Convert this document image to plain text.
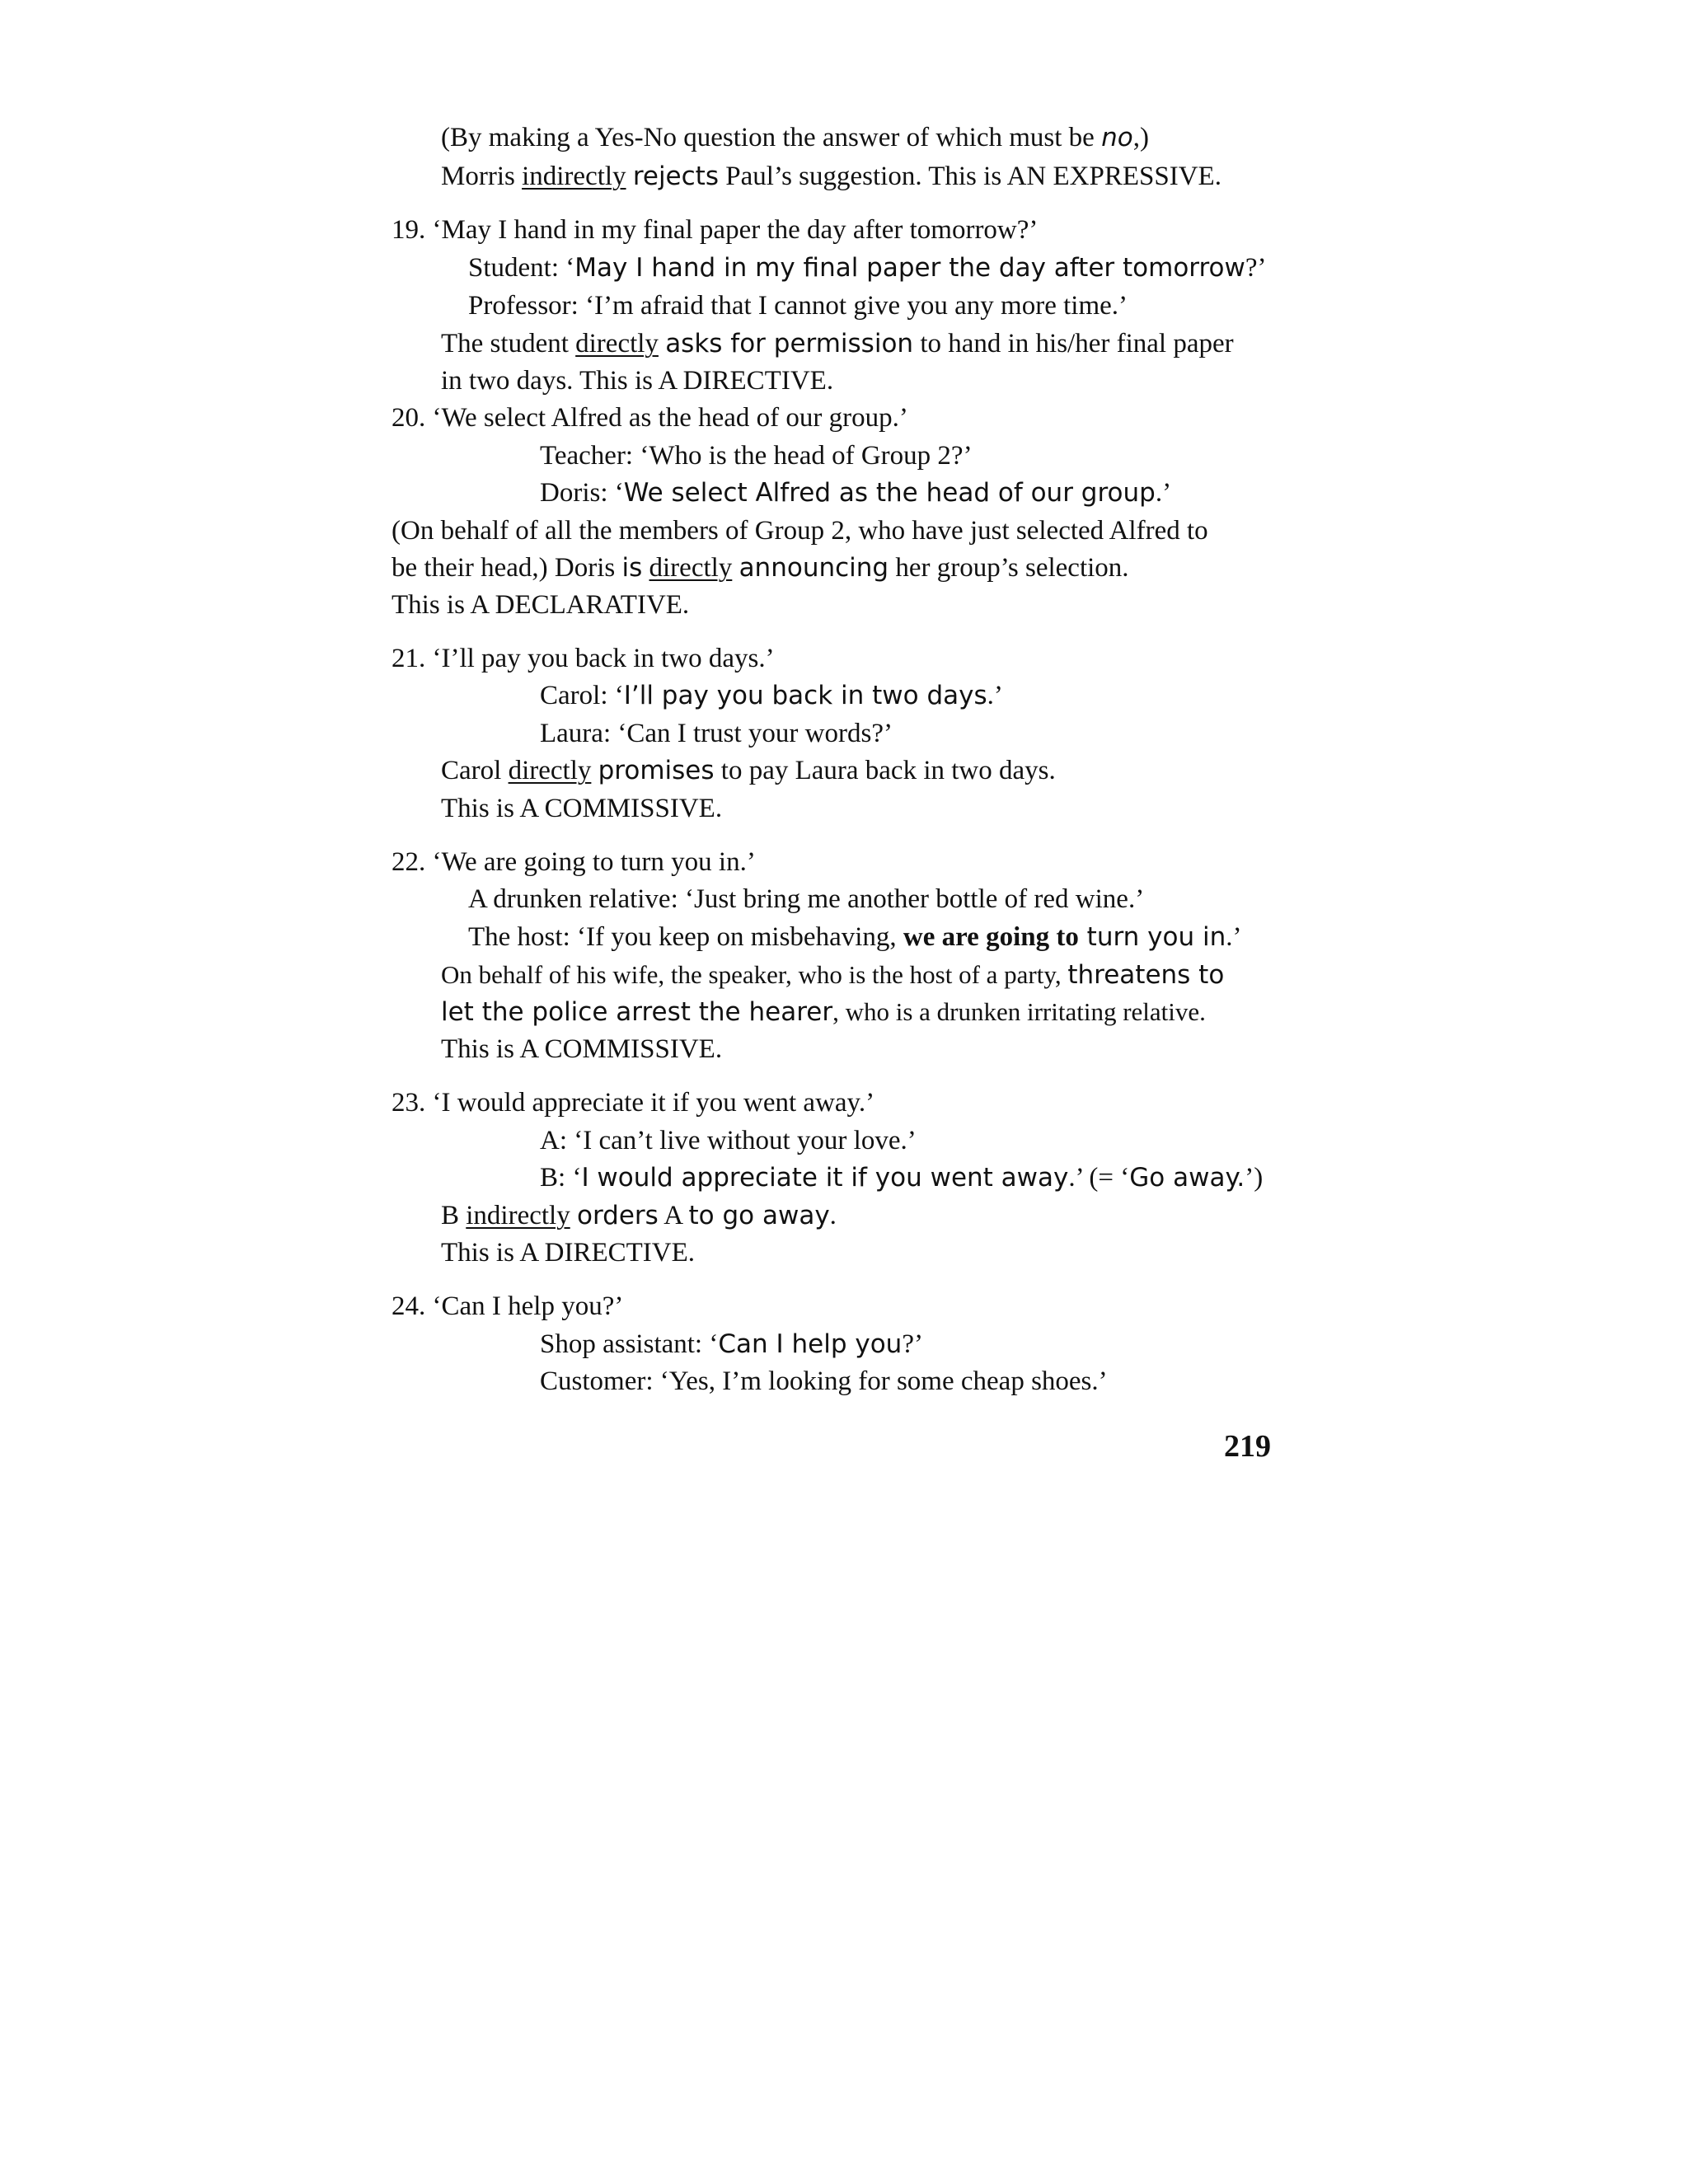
(By making a Yes-No question the answer of which must be no,)
Morris indirectly rejects Paul’s suggestion. This is AN EXPRESSIVE.
19. ‘May I hand in my final paper the day after tomorrow?’
Student: ‘May I hand in my final paper the day after tomorrow?’
Professor: ‘I’m afraid that I cannot give you any more time.’
The student directly asks for permission to hand in his/her final paper
in two days. This is A DIRECTIVE.
20. ‘We select Alfred as the head of our group.’
Teacher: ‘Who is the head of Group 2?’
Doris: ‘We select Alfred as the head of our group.’
(On behalf of all the members of Group 2, who have just selected Alfred to
be their head,) Doris is directly announcing her group’s selection.
This is A DECLARATIVE.
21. ‘I’ll pay you back in two days.’
Carol: ‘I’ll pay you back in two days.’
Laura: ‘Can I trust your words?’
Carol directly promises to pay Laura back in two days.
This is A COMMISSIVE.
22. ‘We are going to turn you in.’
A drunken relative: ‘Just bring me another bottle of red wine.’
The host: ‘If you keep on misbehaving, we are going to turn you in.’
On behalf of his wife, the speaker, who is the host of a party, threatens to
let the police arrest the hearer, who is a drunken irritating relative.
This is A COMMISSIVE.
23. ‘I would appreciate it if you went away.’
A: ‘I can’t live without your love.’
B: ‘I would appreciate it if you went away.’ (= ‘Go away.’)
B indirectly orders A to go away.
This is A DIRECTIVE.
24. ‘Can I help you?’
Shop assistant: ‘Can I help you?’
Customer: ‘Yes, I’m looking for some cheap shoes.’
219
